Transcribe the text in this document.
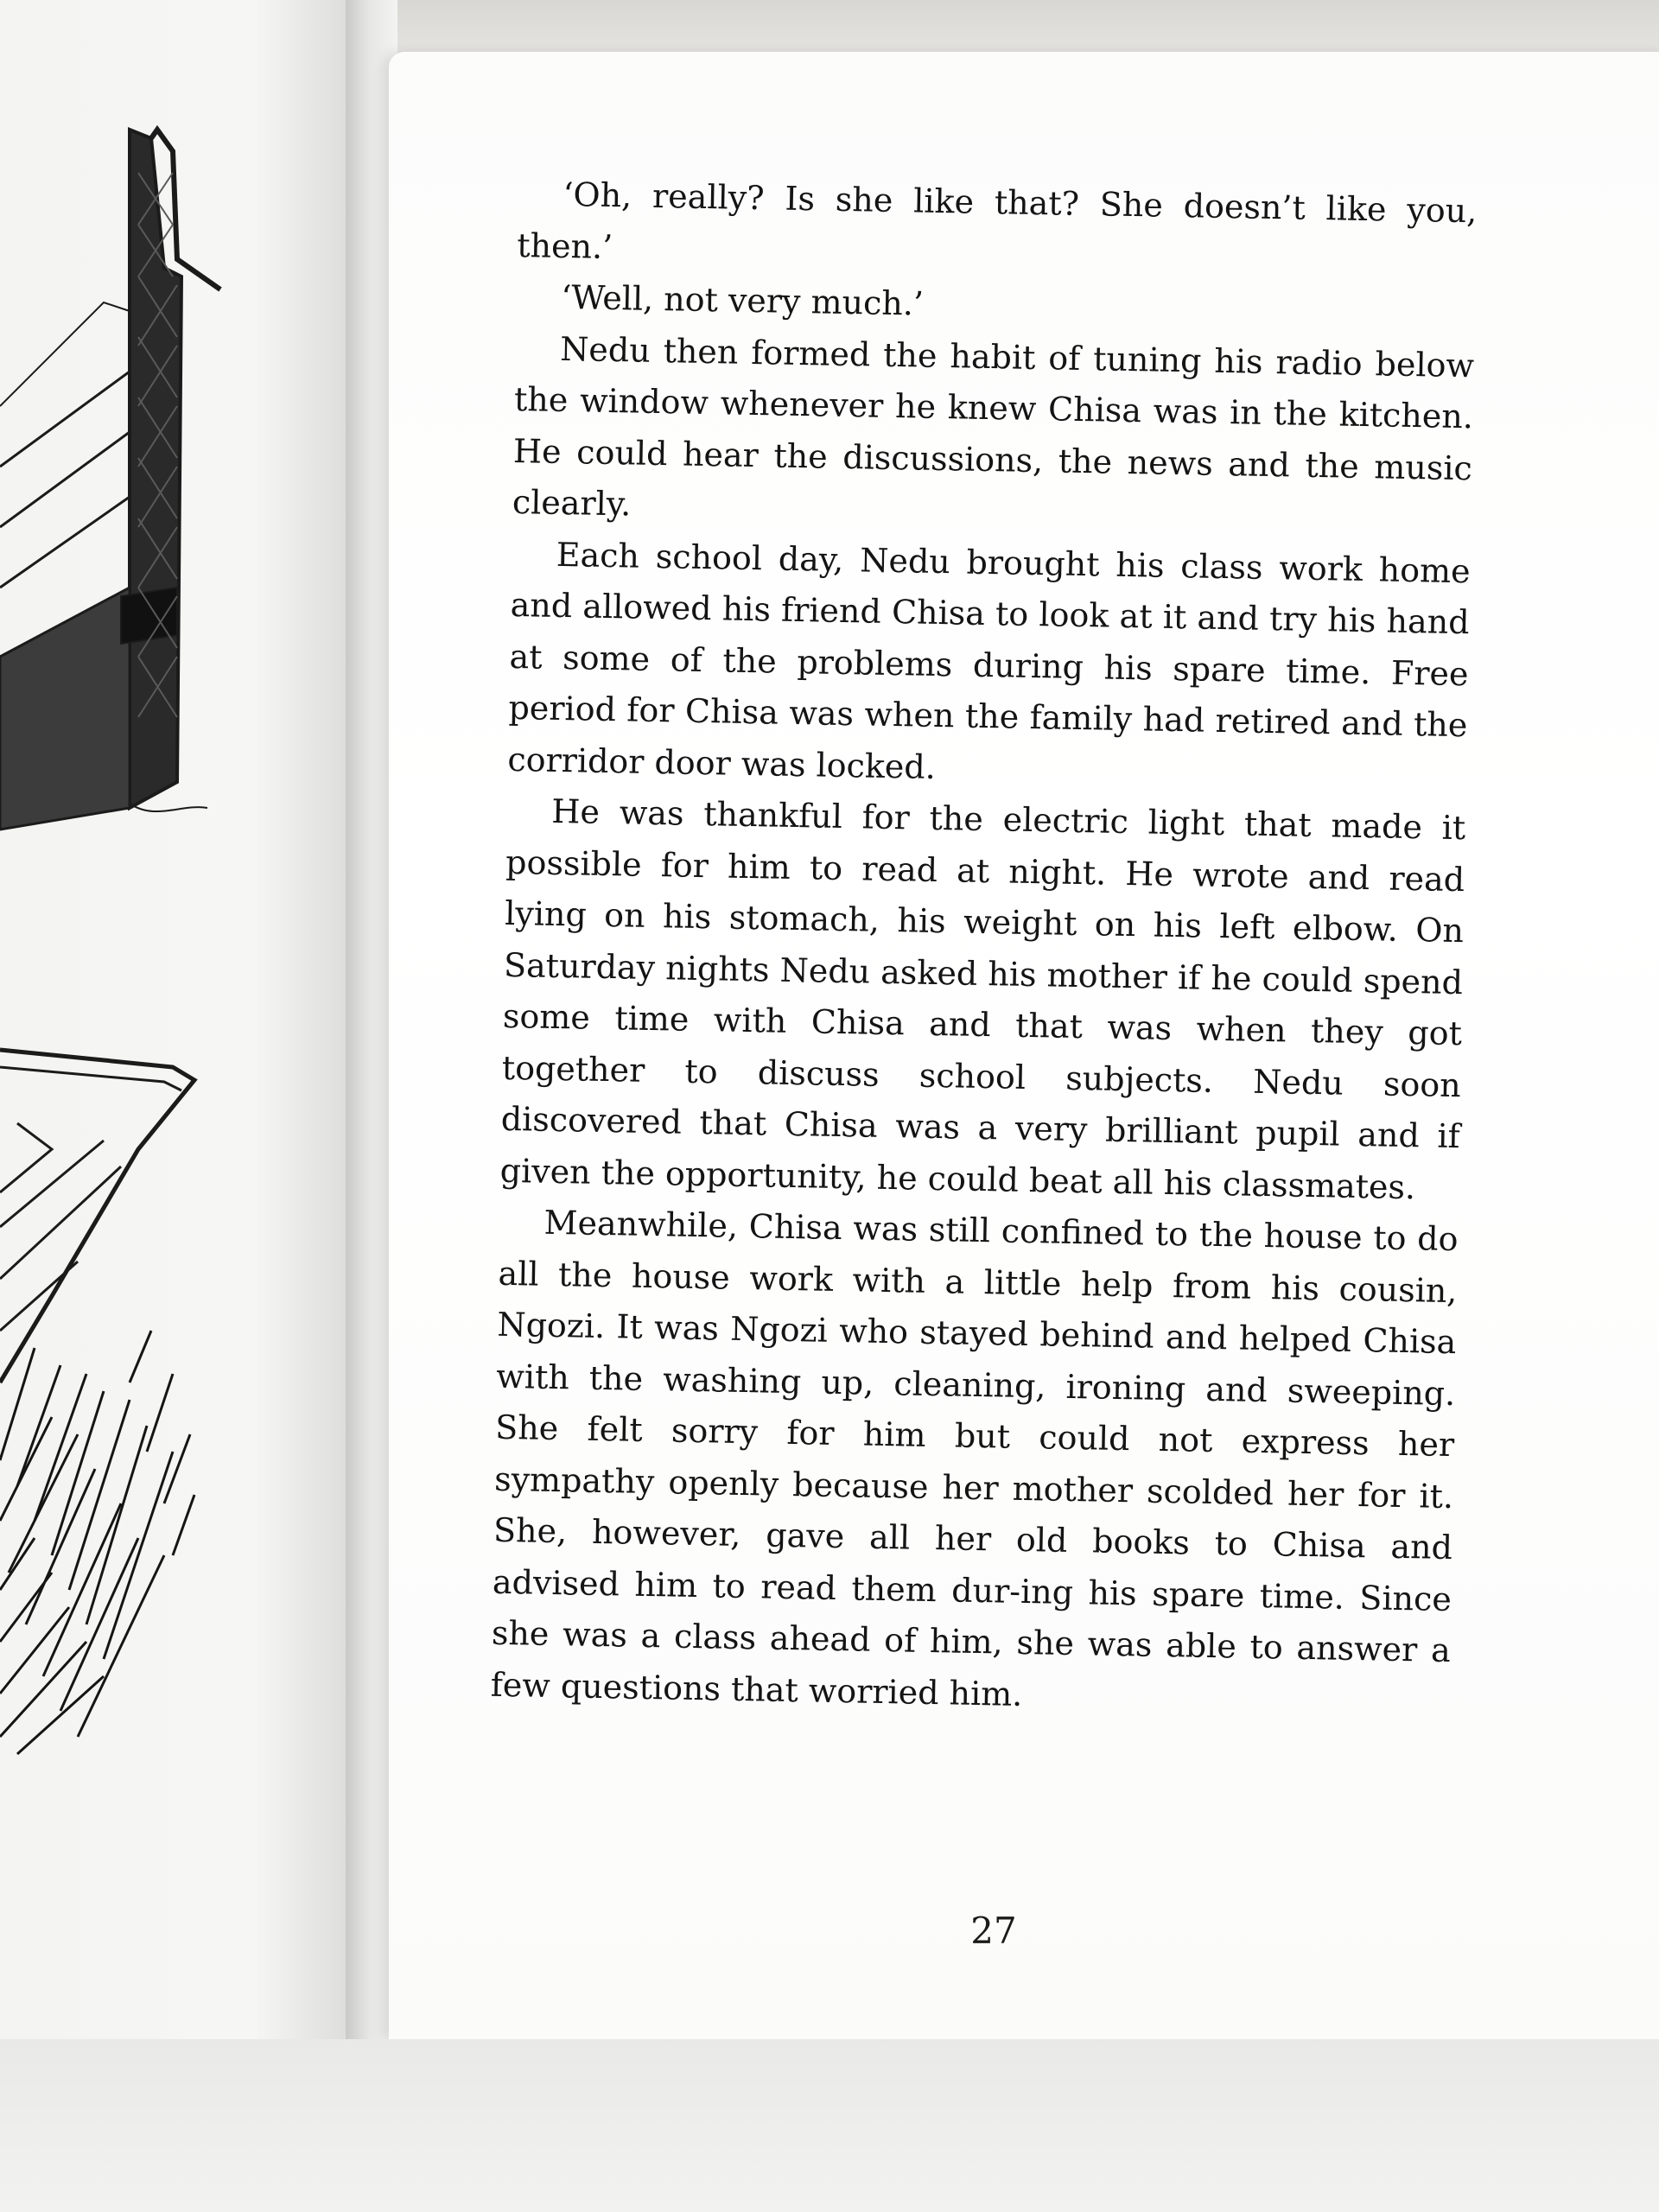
‘Oh, really? Is she like that? She doesn’t like you, then.’

‘Well, not very much.’

Nedu then formed the habit of tuning his radio below the window whenever he knew Chisa was in the kitchen. He could hear the discussions, the news and the music clearly.

Each school day, Nedu brought his class work home and allowed his friend Chisa to look at it and try his hand at some of the problems during his spare time. Free period for Chisa was when the family had retired and the corridor door was locked.

He was thankful for the electric light that made it possible for him to read at night. He wrote and read lying on his stomach, his weight on his left elbow. On Saturday nights Nedu asked his mother if he could spend some time with Chisa and that was when they got together to discuss school subjects. Nedu soon discovered that Chisa was a very brilliant pupil and if given the opportunity, he could beat all his classmates.

Meanwhile, Chisa was still confined to the house to do all the house work with a little help from his cousin, Ngozi. It was Ngozi who stayed behind and helped Chisa with the washing up, cleaning, ironing and sweeping. She felt sorry for him but could not express her sympathy openly because her mother scolded her for it. She, however, gave all her old books to Chisa and advised him to read them dur-ing his spare time. Since she was a class ahead of him, she was able to answer a few questions that worried him.

27
